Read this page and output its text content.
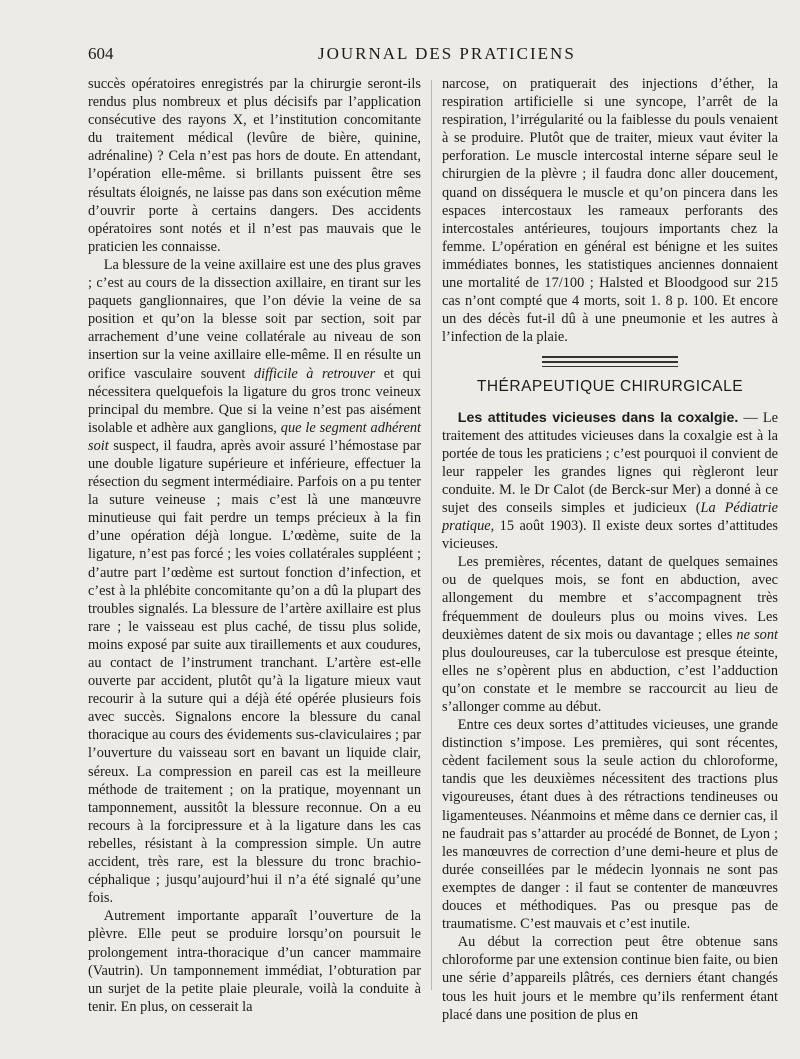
604	JOURNAL DES PRATICIENS

succès opératoires enregistrés par la chirurgie seront-ils rendus plus nombreux et plus décisifs par l’application consécutive des rayons X, et l’institution concomitante du traitement médical (levûre de bière, quinine, adrénaline) ? Cela n’est pas hors de doute. En attendant, l’opération elle-même. si brillants puissent être ses résultats éloignés, ne laisse pas dans son exécution même d’ouvrir porte à certains dangers. Des accidents opératoires sont notés et il n’est pas mauvais que le praticien les connaisse.

La blessure de la veine axillaire est une des plus graves ; c’est au cours de la dissection axillaire, en tirant sur les paquets ganglionnaires, que l’on dévie la veine de sa position et qu’on la blesse soit par section, soit par arrachement d’une veine collatérale au niveau de son insertion sur la veine axillaire elle-même. Il en résulte un orifice vasculaire souvent difficile à retrouver et qui nécessitera quelquefois la ligature du gros tronc veineux principal du membre. Que si la veine n’est pas aisément isolable et adhère aux ganglions, que le segment adhérent soit suspect, il faudra, après avoir assuré l’hémostase par une double ligature supérieure et inférieure, effectuer la résection du segment intermédiaire. Parfois on a pu tenter la suture veineuse ; mais c’est là une manœuvre minutieuse qui fait perdre un temps précieux à la fin d’une opération déjà longue. L’œdème, suite de la ligature, n’est pas forcé ; les voies collatérales suppléent ; d’autre part l’œdème est surtout fonction d’infection, et c’est à la phlébite concomitante qu’on a dû la plupart des troubles signalés. La blessure de l’artère axillaire est plus rare ; le vaisseau est plus caché, de tissu plus solide, moins exposé par suite aux tiraillements et aux coudures, au contact de l’instrument tranchant. L’artère est-elle ouverte par accident, plutôt qu’à la ligature mieux vaut recourir à la suture qui a déjà été opérée plusieurs fois avec succès. Signalons encore la blessure du canal thoracique au cours des évidements sus-claviculaires ; par l’ouverture du vaisseau sort en bavant un liquide clair, séreux. La compression en pareil cas est la meilleure méthode de traitement ; on la pratique, moyennant un tamponnement, aussitôt la blessure reconnue. On a eu recours à la forcipressure et à la ligature dans les cas rebelles, résistant à la compression simple. Un autre accident, très rare, est la blessure du tronc brachio-céphalique ; jusqu’aujourd’hui il n’a été signalé qu’une fois.

Autrement importante apparaît l’ouverture de la plèvre. Elle peut se produire lorsqu’on poursuit le prolongement intra-thoracique d’un cancer mammaire (Vautrin). Un tamponnement immédiat, l’obturation par un surjet de la petite plaie pleurale, voilà la conduite à tenir. En plus, on cesserait la

narcose, on pratiquerait des injections d’éther, la respiration artificielle si une syncope, l’arrêt de la respiration, l’irrégularité ou la faiblesse du pouls venaient à se produire. Plutôt que de traiter, mieux vaut éviter la perforation. Le muscle intercostal interne sépare seul le chirurgien de la plèvre ; il faudra donc aller doucement, quand on disséquera le muscle et qu’on pincera dans les espaces intercostaux les rameaux perforants des intercostales antérieures, toujours importants chez la femme. L’opération en général est bénigne et les suites immédiates bonnes, les statistiques anciennes donnaient une mortalité de 17/100 ; Halsted et Bloodgood sur 215 cas n’ont compté que 4 morts, soit 1. 8 p. 100. Et encore un des décès fut-il dû à une pneumonie et les autres à l’infection de la plaie.

THÉRAPEUTIQUE CHIRURGICALE

Les attitudes vicieuses dans la coxalgie. — Le traitement des attitudes vicieuses dans la coxalgie est à la portée de tous les praticiens ; c’est pourquoi il convient de leur rappeler les grandes lignes qui règleront leur conduite. M. le Dr Calot (de Berck-sur Mer) a donné à ce sujet des conseils simples et judicieux (La Pédiatrie pratique, 15 août 1903). Il existe deux sortes d’attitudes vicieuses.

Les premières, récentes, datant de quelques semaines ou de quelques mois, se font en abduction, avec allongement du membre et s’accompagnent très fréquemment de douleurs plus ou moins vives. Les deuxièmes datent de six mois ou davantage ; elles ne sont plus douloureuses, car la tuberculose est presque éteinte, elles ne s’opèrent plus en abduction, c’est l’adduction qu’on constate et le membre se raccourcit au lieu de s’allonger comme au début.

Entre ces deux sortes d’attitudes vicieuses, une grande distinction s’impose. Les premières, qui sont récentes, cèdent facilement sous la seule action du chloroforme, tandis que les deuxièmes nécessitent des tractions plus vigoureuses, étant dues à des rétractions tendineuses ou ligamenteuses. Néanmoins et même dans ce dernier cas, il ne faudrait pas s’attarder au procédé de Bonnet, de Lyon ; les manœuvres de correction d’une demi-heure et plus de durée conseillées par le médecin lyonnais ne sont pas exemptes de danger : il faut se contenter de manœuvres douces et méthodiques. Pas ou presque pas de traumatisme. C’est mauvais et c’est inutile.

Au début la correction peut être obtenue sans chloroforme par une extension continue bien faite, ou bien une série d’appareils plâtrés, ces derniers étant changés tous les huit jours et le membre qu’ils renferment étant placé dans une position de plus en
